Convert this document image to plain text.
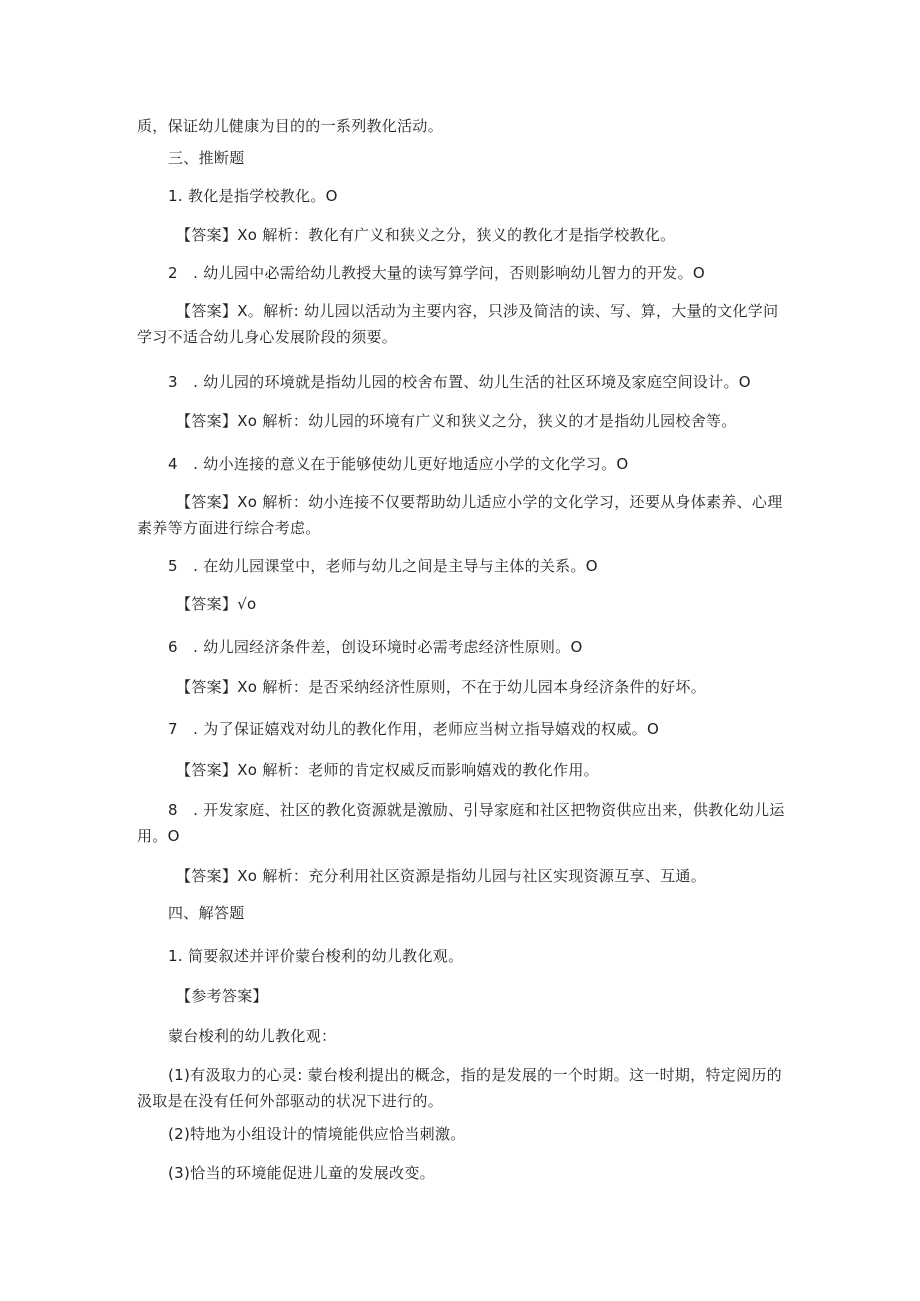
质，保证幼儿健康为目的的一系列教化活动。
三、推断题
1. 教化是指学校教化。O
【答案】Xo 解析：教化有广义和狭义之分，狭义的教化才是指学校教化。
2　. 幼儿园中必需给幼儿教授大量的读写算学问，否则影响幼儿智力的开发。O
【答案】X。解析: 幼儿园以活动为主要内容，只涉及简洁的读、写、算，大量的文化学问
学习不适合幼儿身心发展阶段的须要。
3　. 幼儿园的环境就是指幼儿园的校舍布置、幼儿生活的社区环境及家庭空间设计。O
【答案】Xo 解析：幼儿园的环境有广义和狭义之分，狭义的才是指幼儿园校舍等。
4　. 幼小连接的意义在于能够使幼儿更好地适应小学的文化学习。O
【答案】Xo 解析：幼小连接不仅要帮助幼儿适应小学的文化学习，还要从身体素养、心理
素养等方面进行综合考虑。
5　. 在幼儿园课堂中，老师与幼儿之间是主导与主体的关系。O
【答案】√o
6　. 幼儿园经济条件差，创设环境时必需考虑经济性原则。O
【答案】Xo 解析：是否采纳经济性原则，不在于幼儿园本身经济条件的好坏。
7　. 为了保证嬉戏对幼儿的教化作用，老师应当树立指导嬉戏的权威。O
【答案】Xo 解析：老师的肯定权威反而影响嬉戏的教化作用。
8　. 开发家庭、社区的教化资源就是激励、引导家庭和社区把物资供应出来，供教化幼儿运
用。O
【答案】Xo 解析：充分利用社区资源是指幼儿园与社区实现资源互享、互通。
四、解答题
1. 简要叙述并评价蒙台梭利的幼儿教化观。
【参考答案】
蒙台梭利的幼儿教化观：
(1)有汲取力的心灵: 蒙台梭利提出的概念，指的是发展的一个时期。这一时期，特定阅历的
汲取是在没有任何外部驱动的状况下进行的。
(2)特地为小组设计的情境能供应恰当刺激。
(3)恰当的环境能促进儿童的发展改变。
